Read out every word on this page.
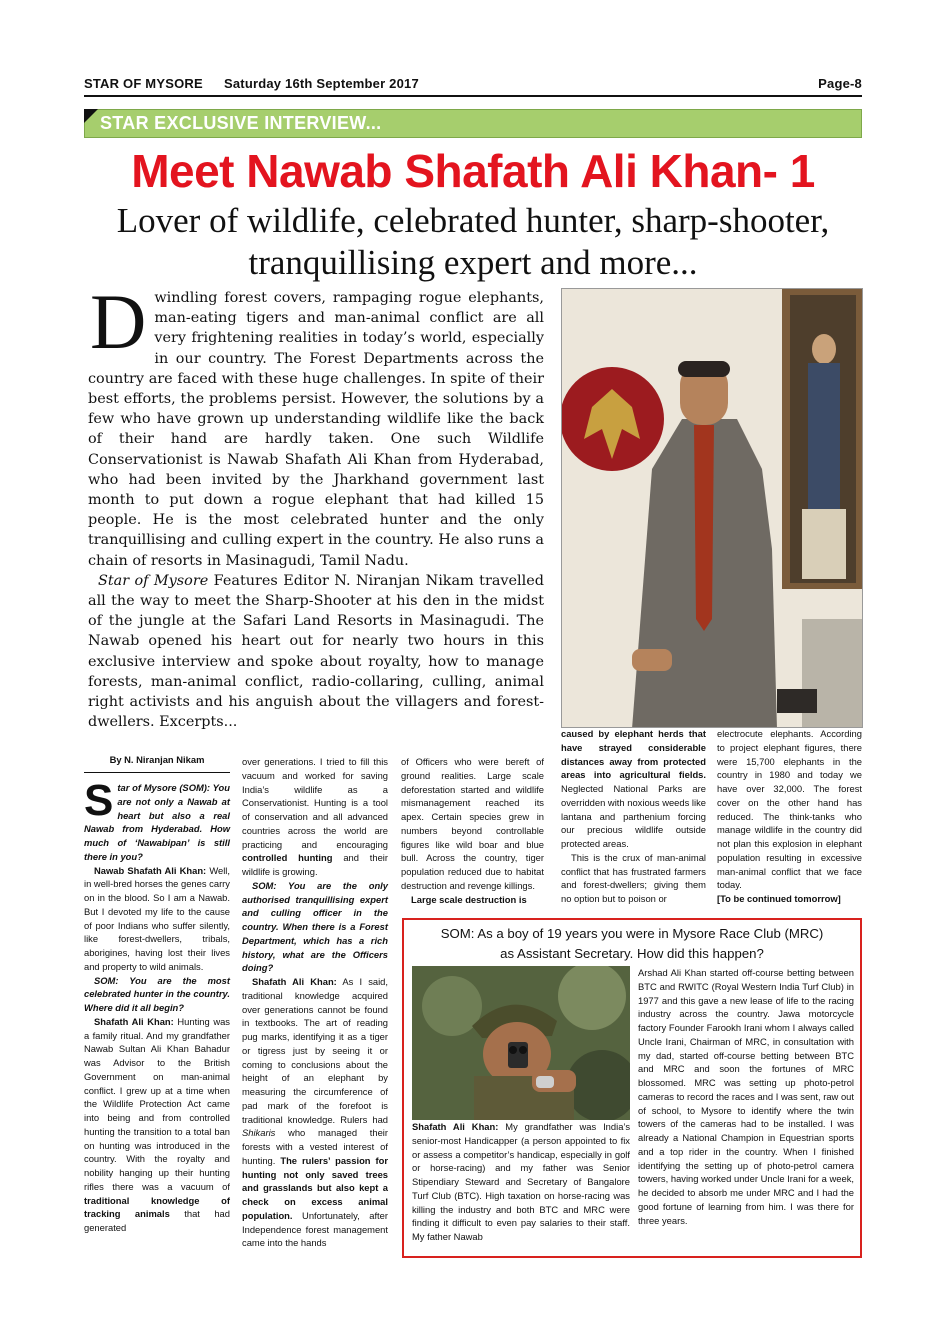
STAR OF MYSORE Saturday 16th September 2017	Page-8
STAR EXCLUSIVE INTERVIEW...
Meet Nawab Shafath Ali Khan- 1
Lover of wildlife, celebrated hunter, sharp-shooter,
tranquillising expert and more...
D windling forest covers, rampaging rogue elephants, man-eating tigers and man-animal conflict are all very frightening realities in today’s world, especially in our country. The Forest Departments across the country are faced with these huge challenges. In spite of their best efforts, the problems persist. However, the solutions by a few who have grown up understanding wildlife like the back of their hand are hardly taken. One such Wildlife Conservationist is Nawab Shafath Ali Khan from Hyderabad, who had been invited by the Jharkhand government last month to put down a rogue elephant that had killed 15 people. He is the most celebrated hunter and the only tranquillising and culling expert in the country. He also runs a chain of resorts in Masinagudi, Tamil Nadu.

Star of Mysore Features Editor N. Niranjan Nikam travelled all the way to meet the Sharp-Shooter at his den in the midst of the jungle at the Safari Land Resorts in Masinagudi. The Nawab opened his heart out for nearly two hours in this exclusive interview and spoke about royalty, how to manage forests, man-animal conflict, radio-collaring, culling, animal right activists and his anguish about the villagers and forest-dwellers. Excerpts...

By N. Niranjan Nikam

Star of Mysore (SOM): You are not only a Nawab at heart but also a real Nawab from Hyderabad. How much of ‘Nawabipan’ is still there in you?

Nawab Shafath Ali Khan: Well, in well-bred horses the genes carry on in the blood. So I am a Nawab. But I devoted my life to the cause of poor Indians who suffer silently, like forest-dwellers, tribals, aborigines, having lost their lives and property to wild animals.

SOM: You are the most celebrated hunter in the country. Where did it all begin?

Shafath Ali Khan: Hunting was a family ritual. And my grandfather Nawab Sultan Ali Khan Bahadur was Advisor to the British Government on man-animal conflict. I grew up at a time when the Wildlife Protection Act came into being and from controlled hunting the transition to a total ban on hunting was introduced in the country. With the royalty and nobility hanging up their hunting rifles there was a vacuum of traditional knowledge of tracking animals that had generated

over generations. I tried to fill this vacuum and worked for saving India’s wildlife as a Conservationist. Hunting is a tool of conservation and all advanced countries across the world are practicing and encouraging controlled hunting and their wildlife is growing.

SOM: You are the only authorised tranquillising expert and culling officer in the country. When there is a Forest Department, which has a rich history, what are the Officers doing?

Shafath Ali Khan: As I said, traditional knowledge acquired over generations cannot be found in textbooks. The art of reading pug marks, identifying it as a tiger or tigress just by seeing it or coming to conclusions about the height of an elephant by measuring the circumference of pad mark of the forefoot is traditional knowledge. Rulers had Shikaris who managed their forests with a vested interest of hunting. The rulers’ passion for hunting not only saved trees and grasslands but also kept a check on excess animal population. Unfortunately, after Independence forest management came into the hands

of Officers who were bereft of ground realities. Large scale deforestation started and wildlife mismanagement reached its apex. Certain species grew in numbers beyond controllable figures like wild boar and blue bull. Across the country, tiger population reduced due to habitat destruction and revenge killings.

Large scale destruction is

caused by elephant herds that have strayed considerable distances away from protected areas into agricultural fields. Neglected National Parks are overridden with noxious weeds like lantana and parthenium forcing our precious wildlife outside protected areas.

This is the crux of man-animal conflict that has frustrated farmers and forest-dwellers; giving them no option but to poison or

electrocute elephants. According to project elephant figures, there were 15,700 elephants in the country in 1980 and today we have over 32,000. The forest cover on the other hand has reduced. The think-tanks who manage wildlife in the country did not plan this explosion in elephant population resulting in excessive man-animal conflict that we face today.

[To be continued tomorrow]

SOM: As a boy of 19 years you were in Mysore Race Club (MRC)
as Assistant Secretary. How did this happen?

Shafath Ali Khan: My grandfather was India’s senior-most Handicapper (a person appointed to fix or assess a competitor’s handicap, especially in golf or horse-racing) and my father was Senior Stipendiary Steward and Secretary of Bangalore Turf Club (BTC). High taxation on horse-racing was killing the industry and both BTC and MRC were finding it difficult to even pay salaries to their staff. My father Nawab

Arshad Ali Khan started off-course betting between BTC and RWITC (Royal Western India Turf Club) in 1977 and this gave a new lease of life to the racing industry across the country. Jawa motorcycle factory Founder Farookh Irani whom I always called Uncle Irani, Chairman of MRC, in consultation with my dad, started off-course betting between BTC and MRC and soon the fortunes of MRC blossomed. MRC was setting up photo-petrol cameras to record the races and I was sent, raw out of school, to Mysore to identify where the twin towers of the cameras had to be installed. I was already a National Champion in Equestrian sports and a top rider in the country. When I finished identifying the setting up of photo-petrol camera towers, having worked under Uncle Irani for a week, he decided to absorb me under MRC and I had the good fortune of learning from him. I was there for three years.
